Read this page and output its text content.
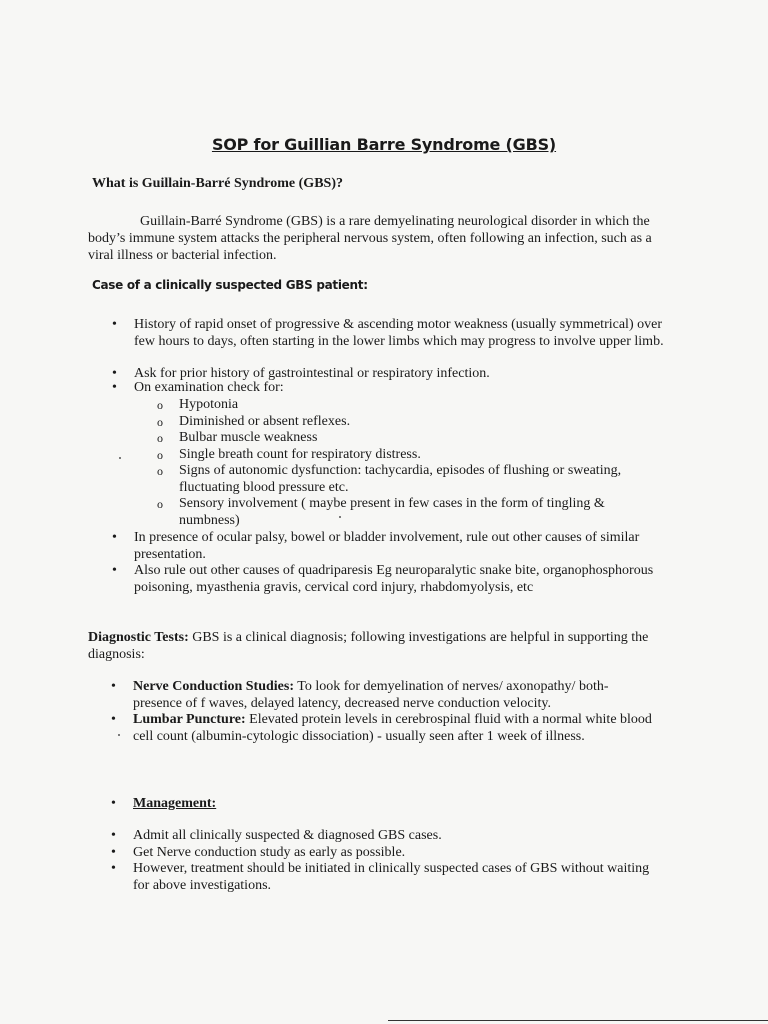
SOP for Guillian Barre Syndrome (GBS)
What is Guillain-Barré Syndrome (GBS)?
Guillain-Barré Syndrome (GBS) is a rare demyelinating neurological disorder in which the body’s immune system attacks the peripheral nervous system, often following an infection, such as a viral illness or bacterial infection.
Case of a clinically suspected GBS patient:
• History of rapid onset of progressive & ascending motor weakness (usually symmetrical) over few hours to days, often starting in the lower limbs which may progress to involve upper limb.
• Ask for prior history of gastrointestinal or respiratory infection.
• On examination check for:
o Hypotonia
o Diminished or absent reflexes.
o Bulbar muscle weakness
o Single breath count for respiratory distress.
o Signs of autonomic dysfunction: tachycardia, episodes of flushing or sweating, fluctuating blood pressure etc.
o Sensory involvement ( maybe present in few cases in the form of tingling & numbness)
• In presence of ocular palsy, bowel or bladder involvement, rule out other causes of similar presentation.
• Also rule out other causes of quadriparesis Eg neuroparalytic snake bite, organophosphorous poisoning, myasthenia gravis, cervical cord injury, rhabdomyolysis, etc
Diagnostic Tests: GBS is a clinical diagnosis; following investigations are helpful in supporting the diagnosis:
• Nerve Conduction Studies: To look for demyelination of nerves/ axonopathy/ both- presence of f waves, delayed latency, decreased nerve conduction velocity.
• Lumbar Puncture: Elevated protein levels in cerebrospinal fluid with a normal white blood cell count (albumin-cytologic dissociation) - usually seen after 1 week of illness.
• Management:
• Admit all clinically suspected & diagnosed GBS cases.
• Get Nerve conduction study as early as possible.
• However, treatment should be initiated in clinically suspected cases of GBS without waiting for above investigations.
